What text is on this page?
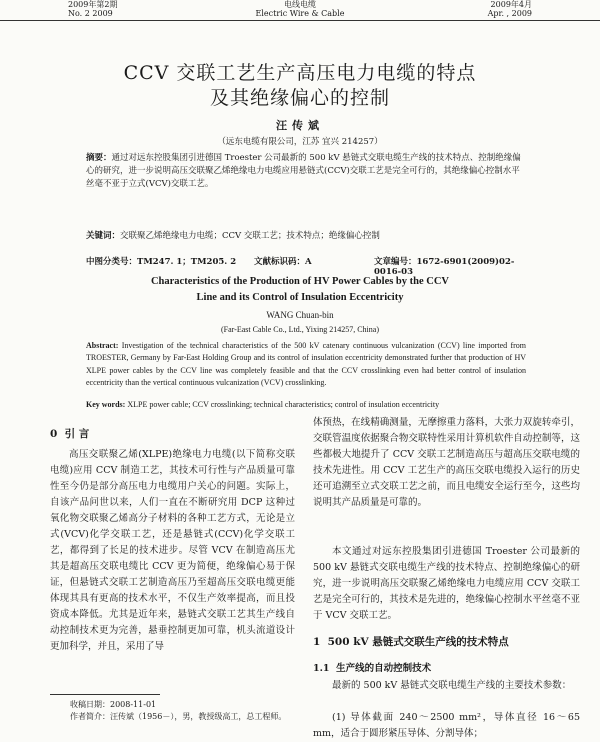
2009年第2期
No. 2 2009
电线电缆
Electric Wire & Cable
2009年4月
Apr. , 2009
CCV 交联工艺生产高压电力电缆的特点
及其绝缘偏心的控制
汪传斌
（远东电缆有限公司，江苏 宜兴 214257）

摘要：通过对远东控股集团引进德国 Troester 公司最新的 500 kV 悬链式交联电缆生产线的技术特点、控制绝缘偏心的研究，进一步说明高压交联聚乙烯绝缘电力电缆应用悬链式(CCV)交联工艺是完全可行的，其绝缘偏心控制水平丝毫不亚于立式(VCV)交联工艺。

关键词：交联聚乙烯绝缘电力电缆；CCV 交联工艺；技术特点；绝缘偏心控制

中图分类号：TM247. 1；TM205. 2 文献标识码：A	文章编号：1672-6901(2009)02-0016-03
Characteristics of the Production of HV Power Cables by the CCV
Line and its Control of Insulation Eccentricity
WANG Chuan-bin
(Far-East Cable Co., Ltd., Yixing 214257, China)

Abstract: Investigation of the technical characteristics of the 500 kV catenary continuous vulcanization (CCV) line imported from TROESTER, Germany by Far-East Holding Group and its control of insulation eccentricity demonstrated further that production of HV XLPE power cables by the CCV line was completely feasible and that the CCV crosslinking even had better control of insulation eccentricity than the vertical continuous vulcanization (VCV) crosslinking.

Key words: XLPE power cable; CCV crosslinking; technical characteristics; control of insulation eccentricity
0 引 言

高压交联聚乙烯(XLPE)绝缘电力电缆(以下简称交联电缆)应用 CCV 制造工艺，其技术可行性与产品质量可靠性至今仍是部分高压电力电缆用户关心的问题。实际上，自该产品问世以来，人们一直在不断研究用 DCP 这种过氧化物交联聚乙烯高分子材料的各种工艺方式，无论是立式(VCV)化学交联工艺，还是悬链式(CCV)化学交联工艺，都得到了长足的技术进步。尽管 VCV 在制造高压尤其是超高压交联电缆比 CCV 更为简便，绝缘偏心易于保证，但悬链式交联工艺制造高压乃至超高压交联电缆更能体现其具有更高的技术水平，不仅生产效率提高，而且投资成本降低。尤其是近年来，悬链式交联工艺其生产线自动控制技术更为完善，悬垂控制更加可靠，机头流道设计更加科学，并且，采用了导

体预热，在线精确测量，无摩擦重力落料，大张力双旋转牵引，交联管温度依据聚合物交联特性采用计算机软件自动控制等，这些都极大地提升了 CCV 交联工艺制造高压与超高压交联电缆的技术先进性。用 CCV 工艺生产的高压交联电缆投入运行的历史还可追溯至立式交联工艺之前，而且电缆安全运行至今，这些均说明其产品质量是可靠的。

本文通过对远东控股集团引进德国 Troester 公司最新的 500 kV 悬链式交联电缆生产线的技术特点、控制绝缘偏心的研究，进一步说明高压交联聚乙烯绝缘电力电缆应用 CCV 交联工艺是完全可行的，其技术是先进的，绝缘偏心控制水平丝毫不亚于 VCV 交联工艺。

1 500 kV 悬链式交联生产线的技术特点
1.1 生产线的自动控制技术

最新的 500 kV 悬链式交联电缆生产线的主要技术参数：

(1) 导体截面 240～2500 mm²，导体直径 16～65 mm，适合于圆形紧压导体、分割导体；

收稿日期：2008-11-01
作者简介：汪传斌（1956－），男，教授级高工，总工程师。
